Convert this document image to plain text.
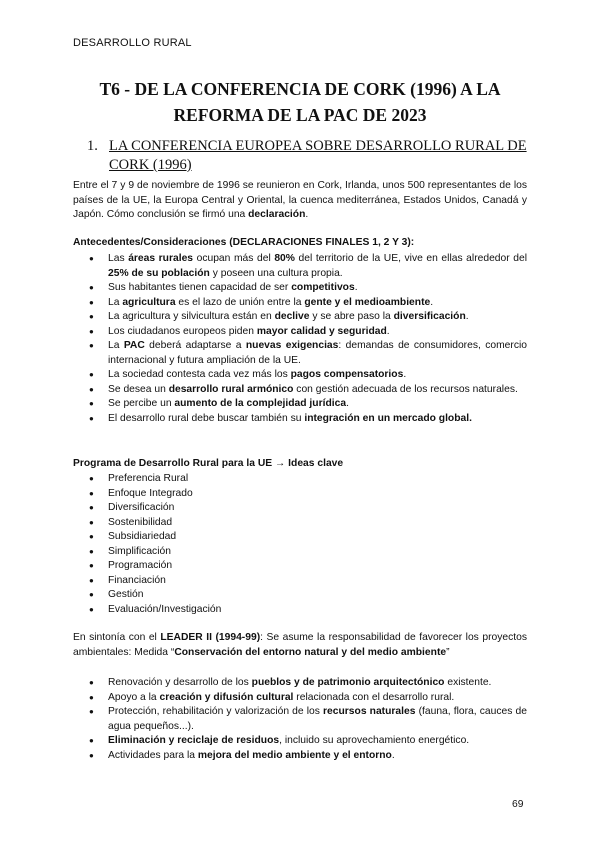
DESARROLLO RURAL
T6 - DE LA CONFERENCIA DE CORK (1996) A LA REFORMA DE LA PAC DE 2023
1. LA CONFERENCIA EUROPEA SOBRE DESARROLLO RURAL DE CORK (1996)
Entre el 7 y 9 de noviembre de 1996 se reunieron en Cork, Irlanda, unos 500 representantes de los países de la UE, la Europa Central y Oriental, la cuenca mediterránea, Estados Unidos, Canadá y Japón. Cómo conclusión se firmó una declaración.
Antecedentes/Consideraciones (DECLARACIONES FINALES 1, 2 Y 3):
● Las áreas rurales ocupan más del 80% del territorio de la UE, vive en ellas alrededor del 25% de su población y poseen una cultura propia.
● Sus habitantes tienen capacidad de ser competitivos.
● La agricultura es el lazo de unión entre la gente y el medioambiente.
● La agricultura y silvicultura están en declive y se abre paso la diversificación.
● Los ciudadanos europeos piden mayor calidad y seguridad.
● La PAC deberá adaptarse a nuevas exigencias: demandas de consumidores, comercio internacional y futura ampliación de la UE.
● La sociedad contesta cada vez más los pagos compensatorios.
● Se desea un desarrollo rural armónico con gestión adecuada de los recursos naturales.
● Se percibe un aumento de la complejidad jurídica.
● El desarrollo rural debe buscar también su integración en un mercado global.
Programa de Desarrollo Rural para la UE → Ideas clave
● Preferencia Rural
● Enfoque Integrado
● Diversificación
● Sostenibilidad
● Subsidiariedad
● Simplificación
● Programación
● Financiación
● Gestión
● Evaluación/Investigación
En sintonía con el LEADER II (1994-99): Se asume la responsabilidad de favorecer los proyectos ambientales: Medida “Conservación del entorno natural y del medio ambiente”
● Renovación y desarrollo de los pueblos y de patrimonio arquitectónico existente.
● Apoyo a la creación y difusión cultural relacionada con el desarrollo rural.
● Protección, rehabilitación y valorización de los recursos naturales (fauna, flora, cauces de agua pequeños...).
● Eliminación y reciclaje de residuos, incluido su aprovechamiento energético.
● Actividades para la mejora del medio ambiente y el entorno.
69
